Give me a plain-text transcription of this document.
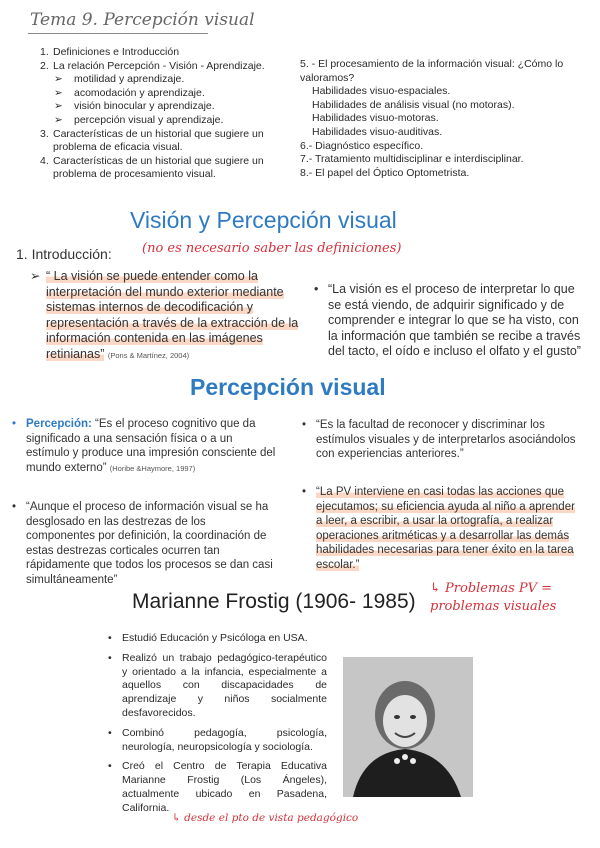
Tema 9. Percepción visual
1. Definiciones e Introducción
2. La relación Percepción - Visión - Aprendizaje.
➢	motilidad y aprendizaje.
➢	acomodación y aprendizaje.
➢	visión binocular y aprendizaje.
➢	percepción visual y aprendizaje.
3. Características de un historial que sugiere un problema de eficacia visual.
4. Características de un historial que sugiere un problema de procesamiento visual.
5. - El procesamiento de la información visual: ¿Cómo lo valoramos?
Habilidades visuo-espaciales.
Habilidades de análisis visual (no motoras).
Habilidades visuo-motoras.
Habilidades visuo-auditivas.
6.- Diagnóstico específico.
7.- Tratamiento multidisciplinar e interdisciplinar.
8.- El papel del Óptico Optometrista.
Visión y Percepción visual
1. Introducción: (no es necesario saber las definiciones)
➢ “ La visión se puede entender como la interpretación del mundo exterior mediante sistemas internos de decodificación y representación a través de la extracción de la información contenida en las imágenes retinianas” (Pons & Martínez, 2004)
• “La visión es el proceso de interpretar lo que se está viendo, de adquirir significado y de comprender e integrar lo que se ha visto, con la información que también se recibe a través del tacto, el oído e incluso el olfato y el gusto”
Percepción visual
• Percepción: “Es el proceso cognitivo que da significado a una sensación física o a un estímulo y produce una impresión consciente del mundo externo” (Horibe &Haymore, 1997)
• “Es la facultad de reconocer y discriminar los estímulos visuales y de interpretarlos asociándolos con experiencias anteriores.”
• “Aunque el proceso de información visual se ha desglosado en las destrezas de los componentes por definición, la coordinación de estas destrezas corticales ocurren tan rápidamente que todos los procesos se dan casi simultáneamente”
• “La PV interviene en casi todas las acciones que ejecutamos; su eficiencia ayuda al niño a aprender a leer, a escribir, a usar la ortografía, a realizar operaciones aritméticas y a desarrollar las demás habilidades necesarias para tener éxito en la tarea escolar.”
↳ Problemas PV = problemas visuales
Marianne Frostig (1906- 1985)
• Estudió Educación y Psicóloga en USA.
• Realizó un trabajo pedagógico-terapéutico y orientado a la infancia, especialmente a aquellos con discapacidades de aprendizaje y niños socialmente desfavorecidos.
• Combinó pedagogía, psicología, neurología, neuropsicología y sociología.
• Creó el Centro de Terapia Educativa Marianne Frostig (Los Ángeles), actualmente ubicado en Pasadena, California.
↳ desde el pto de vista pedagógico
